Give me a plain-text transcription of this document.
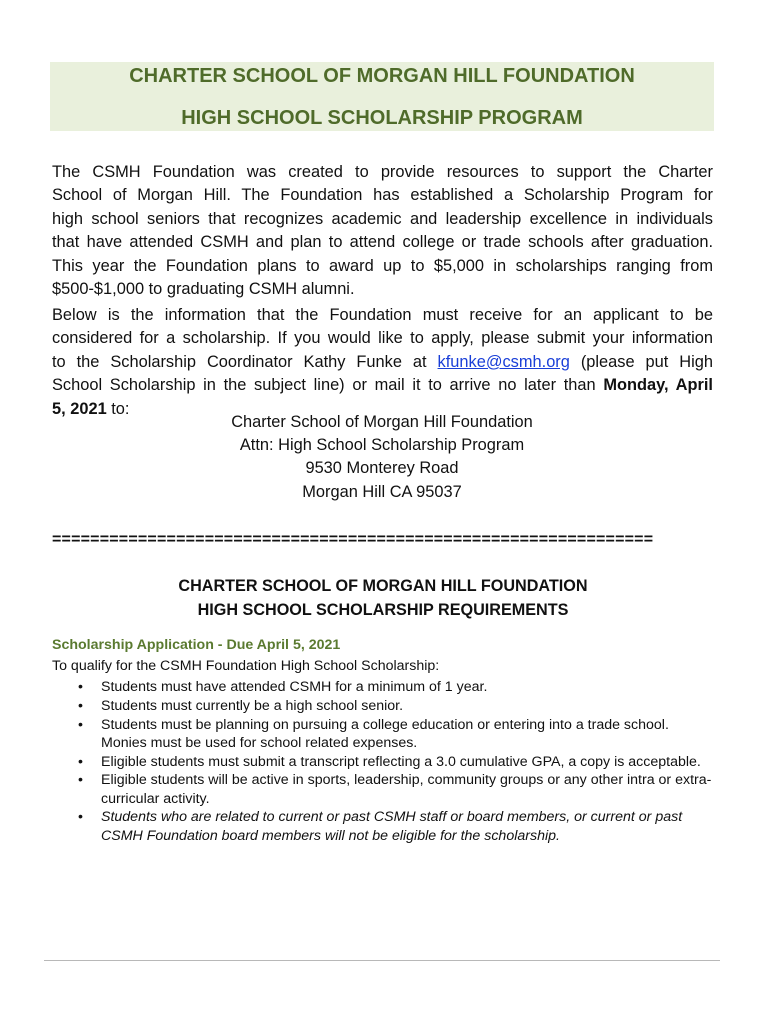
CHARTER SCHOOL OF MORGAN HILL FOUNDATION
HIGH SCHOOL SCHOLARSHIP PROGRAM
The CSMH Foundation was created to provide resources to support the Charter
School of Morgan Hill. The Foundation has established a Scholarship Program for
high school seniors that recognizes academic and leadership excellence in individuals
that have attended CSMH and plan to attend college or trade schools after graduation.
This year the Foundation plans to award up to $5,000 in scholarships ranging from
$500-$1,000 to graduating CSMH alumni.
Below is the information that the Foundation must receive for an applicant to be
considered for a scholarship. If you would like to apply, please submit your information
to the Scholarship Coordinator Kathy Funke at kfunke@csmh.org (please put High
School Scholarship in the subject line) or mail it to arrive no later than Monday, April
5, 2021 to:
Charter School of Morgan Hill Foundation
Attn: High School Scholarship Program
9530 Monterey Road
Morgan Hill CA 95037
===============================================================
CHARTER SCHOOL OF MORGAN HILL FOUNDATION
HIGH SCHOOL SCHOLARSHIP REQUIREMENTS
Scholarship Application - Due April 5, 2021
To qualify for the CSMH Foundation High School Scholarship:
• Students must have attended CSMH for a minimum of 1 year.
• Students must currently be a high school senior.
• Students must be planning on pursuing a college education or entering into a trade school. Monies must be used for school related expenses.
• Eligible students must submit a transcript reflecting a 3.0 cumulative GPA, a copy is acceptable.
• Eligible students will be active in sports, leadership, community groups or any other intra or extra-curricular activity.
• Students who are related to current or past CSMH staff or board members, or current or past CSMH Foundation board members will not be eligible for the scholarship.
